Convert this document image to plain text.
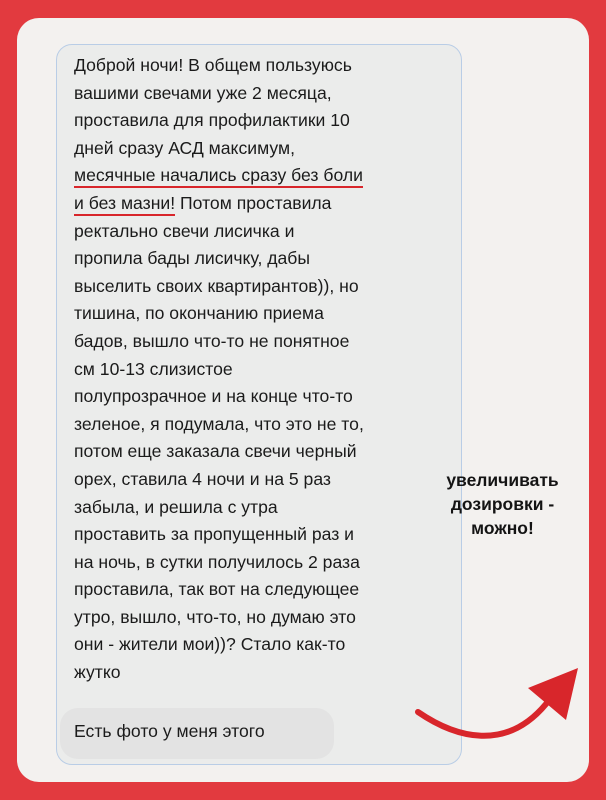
Доброй ночи! В общем пользуюсь
вашими свечами уже 2 месяца,
проставила для профилактики 10
дней сразу АСД максимум,
месячные начались сразу без боли
и без мазни! Потом проставила
ректально свечи лисичка и
пропила бады лисичку, дабы
выселить своих квартирантов)), но
тишина, по окончанию приема
бадов, вышло что-то не понятное
см 10-13 слизистое
полупрозрачное и на конце что-то
зеленое, я подумала, что это не то,
потом еще заказала свечи черный
орех, ставила 4 ночи и на 5 раз
забыла, и решила с утра
проставить за пропущенный раз и
на ночь, в сутки получилось 2 раза
проставила, так вот на следующее
утро, вышло, что-то, но думаю это
они - жители мои))? Стало как-то
жутко
Есть фото у меня этого
увеличивать
дозировки -
можно!
